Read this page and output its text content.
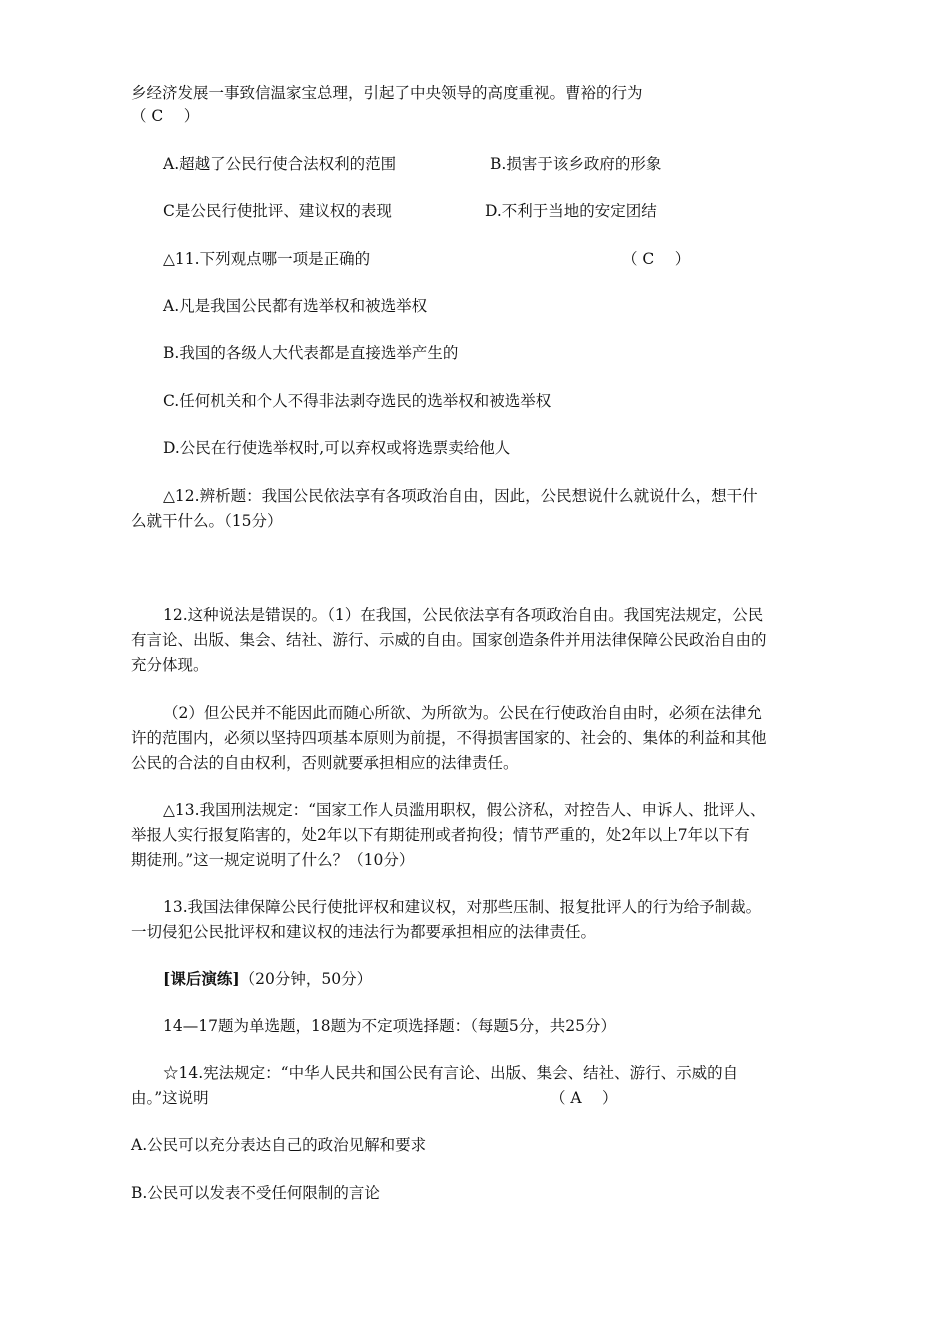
乡经济发展一事致信温家宝总理，引起了中央领导的高度重视。曹裕的行为
（ C　 ）
A.超越了公民行使合法权利的范围	B.损害于该乡政府的形象
C是公民行使批评、建议权的表现	D.不利于当地的安定团结
△11.下列观点哪一项是正确的	（ C　 ）
A.凡是我国公民都有选举权和被选举权
B.我国的各级人大代表都是直接选举产生的
C.任何机关和个人不得非法剥夺选民的选举权和被选举权
D.公民在行使选举权时,可以弃权或将选票卖给他人
△12.辨析题：我国公民依法享有各项政治自由，因此，公民想说什么就说什么，想干什
么就干什么。（15分）
12.这种说法是错误的。（1）在我国，公民依法享有各项政治自由。我国宪法规定，公民
有言论、出版、集会、结社、游行、示威的自由。国家创造条件并用法律保障公民政治自由的
充分体现。
（2）但公民并不能因此而随心所欲、为所欲为。公民在行使政治自由时，必须在法律允
许的范围内，必须以坚持四项基本原则为前提，不得损害国家的、社会的、集体的利益和其他
公民的合法的自由权利，否则就要承担相应的法律责任。
△13.我国刑法规定：“国家工作人员滥用职权，假公济私，对控告人、申诉人、批评人、
举报人实行报复陷害的，处2年以下有期徒刑或者拘役；情节严重的，处2年以上7年以下有
期徒刑。”这一规定说明了什么？（10分）
13.我国法律保障公民行使批评权和建议权，对那些压制、报复批评人的行为给予制裁。
一切侵犯公民批评权和建议权的违法行为都要承担相应的法律责任。
[课后演练]（20分钟，50分）
14—17题为单选题，18题为不定项选择题：（每题5分，共25分）
☆14.宪法规定：“中华人民共和国公民有言论、出版、集会、结社、游行、示威的自
由。”这说明	（ A　 ）
A.公民可以充分表达自己的政治见解和要求
B.公民可以发表不受任何限制的言论
